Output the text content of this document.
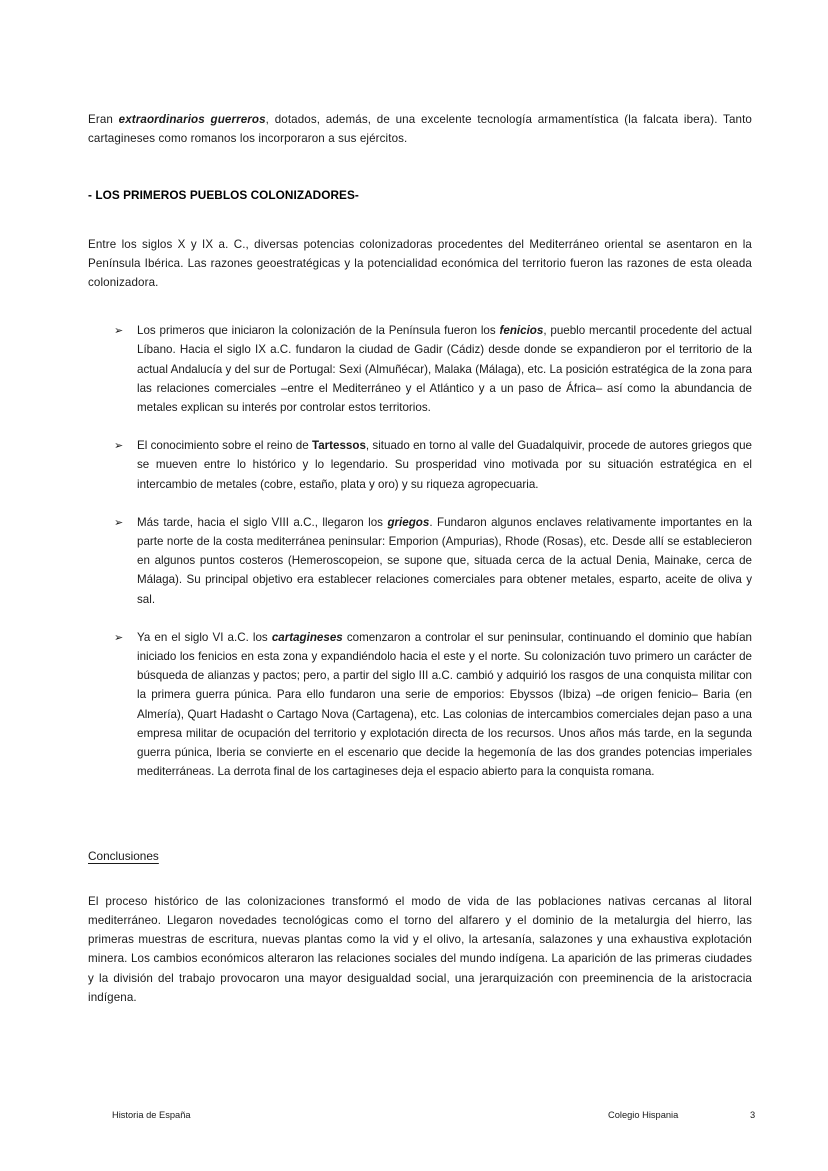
Eran extraordinarios guerreros, dotados, además, de una excelente tecnología armamentística (la falcata ibera). Tanto cartagineses como romanos los incorporaron a sus ejércitos.

- LOS PRIMEROS PUEBLOS COLONIZADORES-

Entre los siglos X y IX a. C., diversas potencias colonizadoras procedentes del Mediterráneo oriental se asentaron en la Península Ibérica. Las razones geoestratégicas y la potencialidad económica del territorio fueron las razones de esta oleada colonizadora.

➢ Los primeros que iniciaron la colonización de la Península fueron los fenicios, pueblo mercantil procedente del actual Líbano. Hacia el siglo IX a.C. fundaron la ciudad de Gadir (Cádiz) desde donde se expandieron por el territorio de la actual Andalucía y del sur de Portugal: Sexi (Almuñécar), Malaka (Málaga), etc. La posición estratégica de la zona para las relaciones comerciales –entre el Mediterráneo y el Atlántico y a un paso de África– así como la abundancia de metales explican su interés por controlar estos territorios.
➢ El conocimiento sobre el reino de Tartessos, situado en torno al valle del Guadalquivir, procede de autores griegos que se mueven entre lo histórico y lo legendario. Su prosperidad vino motivada por su situación estratégica en el intercambio de metales (cobre, estaño, plata y oro) y su riqueza agropecuaria.
➢ Más tarde, hacia el siglo VIII a.C., llegaron los griegos. Fundaron algunos enclaves relativamente importantes en la parte norte de la costa mediterránea peninsular: Emporion (Ampurias), Rhode (Rosas), etc. Desde allí se establecieron en algunos puntos costeros (Hemeroscopeion, se supone que, situada cerca de la actual Denia, Mainake, cerca de Málaga). Su principal objetivo era establecer relaciones comerciales para obtener metales, esparto, aceite de oliva y sal.
➢ Ya en el siglo VI a.C. los cartagineses comenzaron a controlar el sur peninsular, continuando el dominio que habían iniciado los fenicios en esta zona y expandiéndolo hacia el este y el norte. Su colonización tuvo primero un carácter de búsqueda de alianzas y pactos; pero, a partir del siglo III a.C. cambió y adquirió los rasgos de una conquista militar con la primera guerra púnica. Para ello fundaron una serie de emporios: Ebyssos (Ibiza) –de origen fenicio– Baria (en Almería), Quart Hadasht o Cartago Nova (Cartagena), etc. Las colonias de intercambios comerciales dejan paso a una empresa militar de ocupación del territorio y explotación directa de los recursos. Unos años más tarde, en la segunda guerra púnica, Iberia se convierte en el escenario que decide la hegemonía de las dos grandes potencias imperiales mediterráneas. La derrota final de los cartagineses deja el espacio abierto para la conquista romana.
Conclusiones

El proceso histórico de las colonizaciones transformó el modo de vida de las poblaciones nativas cercanas al litoral mediterráneo. Llegaron novedades tecnológicas como el torno del alfarero y el dominio de la metalurgia del hierro, las primeras muestras de escritura, nuevas plantas como la vid y el olivo, la artesanía, salazones y una exhaustiva explotación minera. Los cambios económicos alteraron las relaciones sociales del mundo indígena. La aparición de las primeras ciudades y la división del trabajo provocaron una mayor desigualdad social, una jerarquización con preeminencia de la aristocracia indígena.

Historia de España	Colegio Hispania	3
